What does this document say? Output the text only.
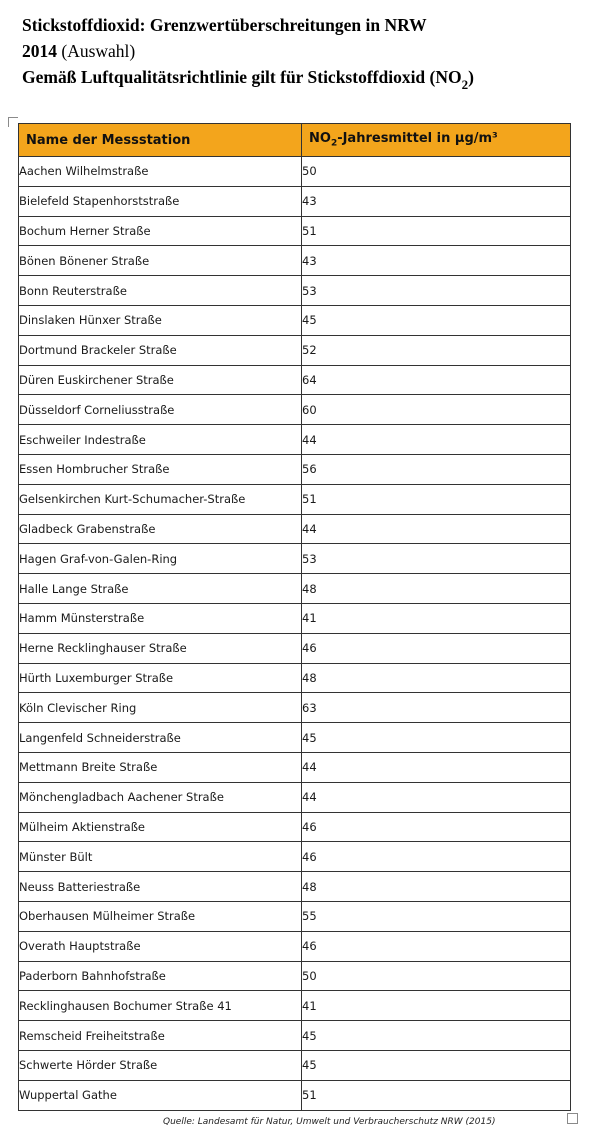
Stickstoffdioxid: Grenzwertüberschreitungen in NRW
2014 (Auswahl)
Gemäß Luftqualitätsrichtlinie gilt für Stickstoffdioxid $(NO_2)$
Name der Messstation	$NO_2$-Jahresmittel in µg/m³
Aachen Wilhelmstraße	50
Bielefeld Stapenhorststraße	43
Bochum Herner Straße	51
Bönen Bönener Straße	43
Bonn Reuterstraße	53
Dinslaken Hünxer Straße	45
Dortmund Brackeler Straße	52
Düren Euskirchener Straße	64
Düsseldorf Corneliusstraße	60
Eschweiler Indestraße	44
Essen Hombrucher Straße	56
Gelsenkirchen Kurt-Schumacher-Straße	51
Gladbeck Grabenstraße	44
Hagen Graf-von-Galen-Ring	53
Halle Lange Straße	48
Hamm Münsterstraße	41
Herne Recklinghauser Straße	46
Hürth Luxemburger Straße	48
Köln Clevischer Ring	63
Langenfeld Schneiderstraße	45
Mettmann Breite Straße	44
Mönchengladbach Aachener Straße	44
Mülheim Aktienstraße	46
Münster Bült	46
Neuss Batteriestraße	48
Oberhausen Mülheimer Straße	55
Overath Hauptstraße	46
Paderborn Bahnhofstraße	50
Recklinghausen Bochumer Straße 41	41
Remscheid Freiheitstraße	45
Schwerte Hörder Straße	45
Wuppertal Gathe	51
Quelle: Landesamt für Natur, Umwelt und Verbraucherschutz NRW (2015)
